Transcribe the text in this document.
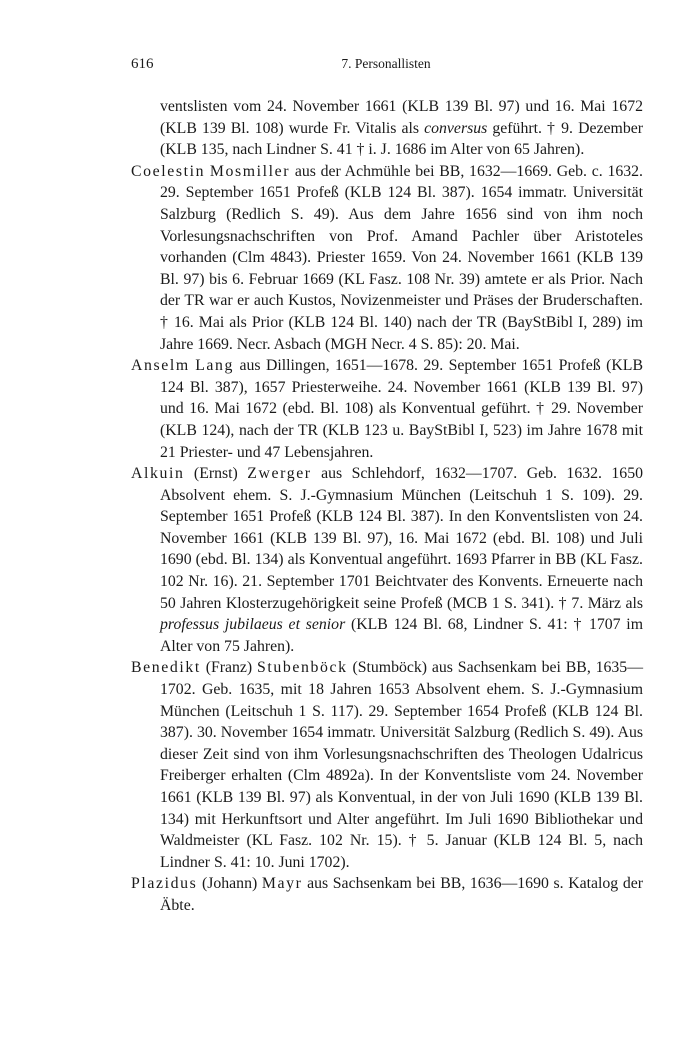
616	7. Personallisten

ventslisten vom 24. November 1661 (KLB 139 Bl. 97) und 16. Mai 1672 (KLB 139 Bl. 108) wurde Fr. Vitalis als conversus geführt. † 9. Dezember (KLB 135, nach Lindner S. 41 † i. J. 1686 im Alter von 65 Jahren).

Coelestin Mosmiller aus der Achmühle bei BB, 1632—1669. Geb. c. 1632. 29. September 1651 Profeß (KLB 124 Bl. 387). 1654 immatr. Universität Salzburg (Redlich S. 49). Aus dem Jahre 1656 sind von ihm noch Vorlesungsnachschriften von Prof. Amand Pachler über Aristoteles vorhanden (Clm 4843). Priester 1659. Von 24. November 1661 (KLB 139 Bl. 97) bis 6. Februar 1669 (KL Fasz. 108 Nr. 39) amtete er als Prior. Nach der TR war er auch Kustos, Novizenmeister und Präses der Bruderschaften. † 16. Mai als Prior (KLB 124 Bl. 140) nach der TR (BayStBibl I, 289) im Jahre 1669. Necr. Asbach (MGH Necr. 4 S. 85): 20. Mai.

Anselm Lang aus Dillingen, 1651—1678. 29. September 1651 Profeß (KLB 124 Bl. 387), 1657 Priesterweihe. 24. November 1661 (KLB 139 Bl. 97) und 16. Mai 1672 (ebd. Bl. 108) als Konventual geführt. † 29. November (KLB 124), nach der TR (KLB 123 u. BayStBibl I, 523) im Jahre 1678 mit 21 Priester- und 47 Lebensjahren.

Alkuin (Ernst) Zwerger aus Schlehdorf, 1632—1707. Geb. 1632. 1650 Absolvent ehem. S. J.-Gymnasium München (Leitschuh 1 S. 109). 29. September 1651 Profeß (KLB 124 Bl. 387). In den Konventslisten von 24. November 1661 (KLB 139 Bl. 97), 16. Mai 1672 (ebd. Bl. 108) und Juli 1690 (ebd. Bl. 134) als Konventual angeführt. 1693 Pfarrer in BB (KL Fasz. 102 Nr. 16). 21. September 1701 Beichtvater des Konvents. Erneuerte nach 50 Jahren Klosterzugehörigkeit seine Profeß (MCB 1 S. 341). † 7. März als professus jubilaeus et senior (KLB 124 Bl. 68, Lindner S. 41: † 1707 im Alter von 75 Jahren).

Benedikt (Franz) Stubenböck (Stumböck) aus Sachsenkam bei BB, 1635—1702. Geb. 1635, mit 18 Jahren 1653 Absolvent ehem. S. J.-Gymnasium München (Leitschuh 1 S. 117). 29. September 1654 Profeß (KLB 124 Bl. 387). 30. November 1654 immatr. Universität Salzburg (Redlich S. 49). Aus dieser Zeit sind von ihm Vorlesungsnachschriften des Theologen Udalricus Freiberger erhalten (Clm 4892a). In der Konventsliste vom 24. November 1661 (KLB 139 Bl. 97) als Konventual, in der von Juli 1690 (KLB 139 Bl. 134) mit Herkunftsort und Alter angeführt. Im Juli 1690 Bibliothekar und Waldmeister (KL Fasz. 102 Nr. 15). † 5. Januar (KLB 124 Bl. 5, nach Lindner S. 41: 10. Juni 1702).

Plazidus (Johann) Mayr aus Sachsenkam bei BB, 1636—1690 s. Katalog der Äbte.
